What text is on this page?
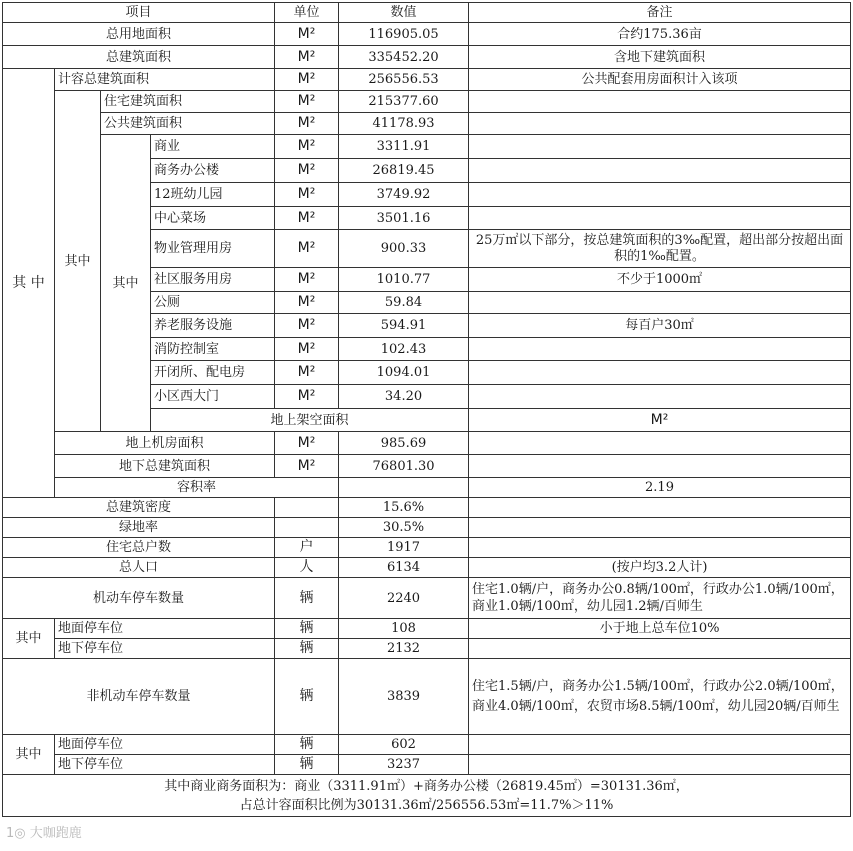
项目				单位	数值	备注	
总用地面积				M²	116905.05	合约175.36亩	
总建筑面积				M²	335452.20	含地下建筑面积	
其 中	计容总建筑面积			M²	256556.53	公共配套用房面积计入该项	
	其中	住宅建筑面积		M²	215377.60		
		公共建筑面积		M²	41178.93		
		其中	商业	M²	3311.91		
			商务办公楼	M²	26819.45		
			12班幼儿园	M²	3749.92		
			中心菜场	M²	3501.16		
			物业管理用房	M²	900.33	25万㎡以下部分，按总建筑面积的3‰配置，超出部分按超出面积的1‰配置。	
			社区服务用房	M²	1010.77	不少于1000㎡	
			公厕	M²	59.84		
			养老服务设施	M²	594.91	每百户30㎡	
			消防控制室	M²	102.43		
			开闭所、配电房	M²	1094.01		
			小区西大门	M²	34.20		
			地上架空面积			M²		
	地上机房面积			M²	985.69		
	地下总建筑面积			M²	76801.30		
	容积率					2.19	
总建筑密度					15.6%		
绿地率					30.5%		
住宅总户数				户	1917		
总人口				人	6134	(按户均3.2人计)	
机动车停车数量				辆	2240	住宅1.0辆/户，商务办公0.8辆/100㎡，行政办公1.0辆/100㎡，商业1.0辆/100㎡，幼儿园1.2辆/百师生	
其中	地面停车位			辆	108	小于地上总车位10%	
	地下停车位			辆	2132		
非机动车停车数量				辆	3839	住宅1.5辆/户，商务办公1.5辆/100㎡，行政办公2.0辆/100㎡，商业4.0辆/100㎡，农贸市场8.5辆/100㎡，幼儿园20辆/百师生	
其中	地面停车位			辆	602		
	地下停车位			辆	3237		

其中商业商务面积为：商业（3311.91㎡）+商务办公楼（26819.45㎡）=30131.36㎡，
占总计容面积比例为30131.36㎡/256556.53㎡=11.7%＞11%							
1◎ 大咖跑鹿
